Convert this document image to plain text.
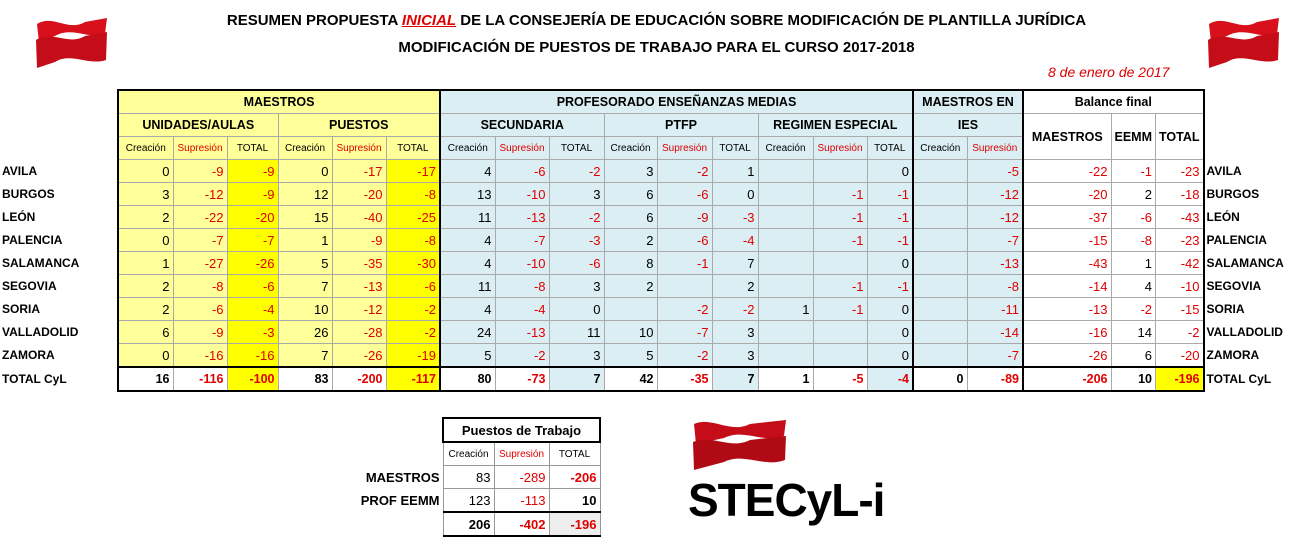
RESUMEN PROPUESTA INICIAL DE LA CONSEJERÍA DE EDUCACIÓN SOBRE MODIFICACIÓN DE PLANTILLA JURÍDICA
MODIFICACIÓN DE PUESTOS DE TRABAJO PARA EL CURSO 2017-2018
8 de enero de 2017
	MAESTROS						PROFESORADO ENSEÑANZAS MEDIAS									MAESTROS EN		Balance final			
	UNIDADES/AULAS			PUESTOS			SECUNDARIA			PTFP			REGIMEN ESPECIAL			IES		MAESTROS	EEMM	TOTAL	
	Creación	Supresión	TOTAL	Creación	Supresión	TOTAL	Creación	Supresión	TOTAL	Creación	Supresión	TOTAL	Creación	Supresión	TOTAL	Creación	Supresión				
AVILA	0	-9	-9	0	-17	-17	4	-6	-2	3	-2	1			0		-5	-22	-1	-23	AVILA
BURGOS	3	-12	-9	12	-20	-8	13	-10	3	6	-6	0		-1	-1		-12	-20	2	-18	BURGOS
LEÓN	2	-22	-20	15	-40	-25	11	-13	-2	6	-9	-3		-1	-1		-12	-37	-6	-43	LEÓN
PALENCIA	0	-7	-7	1	-9	-8	4	-7	-3	2	-6	-4		-1	-1		-7	-15	-8	-23	PALENCIA
SALAMANCA	1	-27	-26	5	-35	-30	4	-10	-6	8	-1	7			0		-13	-43	1	-42	SALAMANCA
SEGOVIA	2	-8	-6	7	-13	-6	11	-8	3	2		2		-1	-1		-8	-14	4	-10	SEGOVIA
SORIA	2	-6	-4	10	-12	-2	4	-4	0		-2	-2	1	-1	0		-11	-13	-2	-15	SORIA
VALLADOLID	6	-9	-3	26	-28	-2	24	-13	11	10	-7	3			0		-14	-16	14	-2	VALLADOLID
ZAMORA	0	-16	-16	7	-26	-19	5	-2	3	5	-2	3			0		-7	-26	6	-20	ZAMORA
TOTAL CyL	16	-116	-100	83	-200	-117	80	-73	7	42	-35	7	1	-5	-4	0	-89	-206	10	-196	TOTAL CyL
	Puestos de Trabajo		
	Creación	Supresión	TOTAL
MAESTROS	83	-289	-206
PROF EEMM	123	-113	10
	206	-402	-196 STECyL-i
